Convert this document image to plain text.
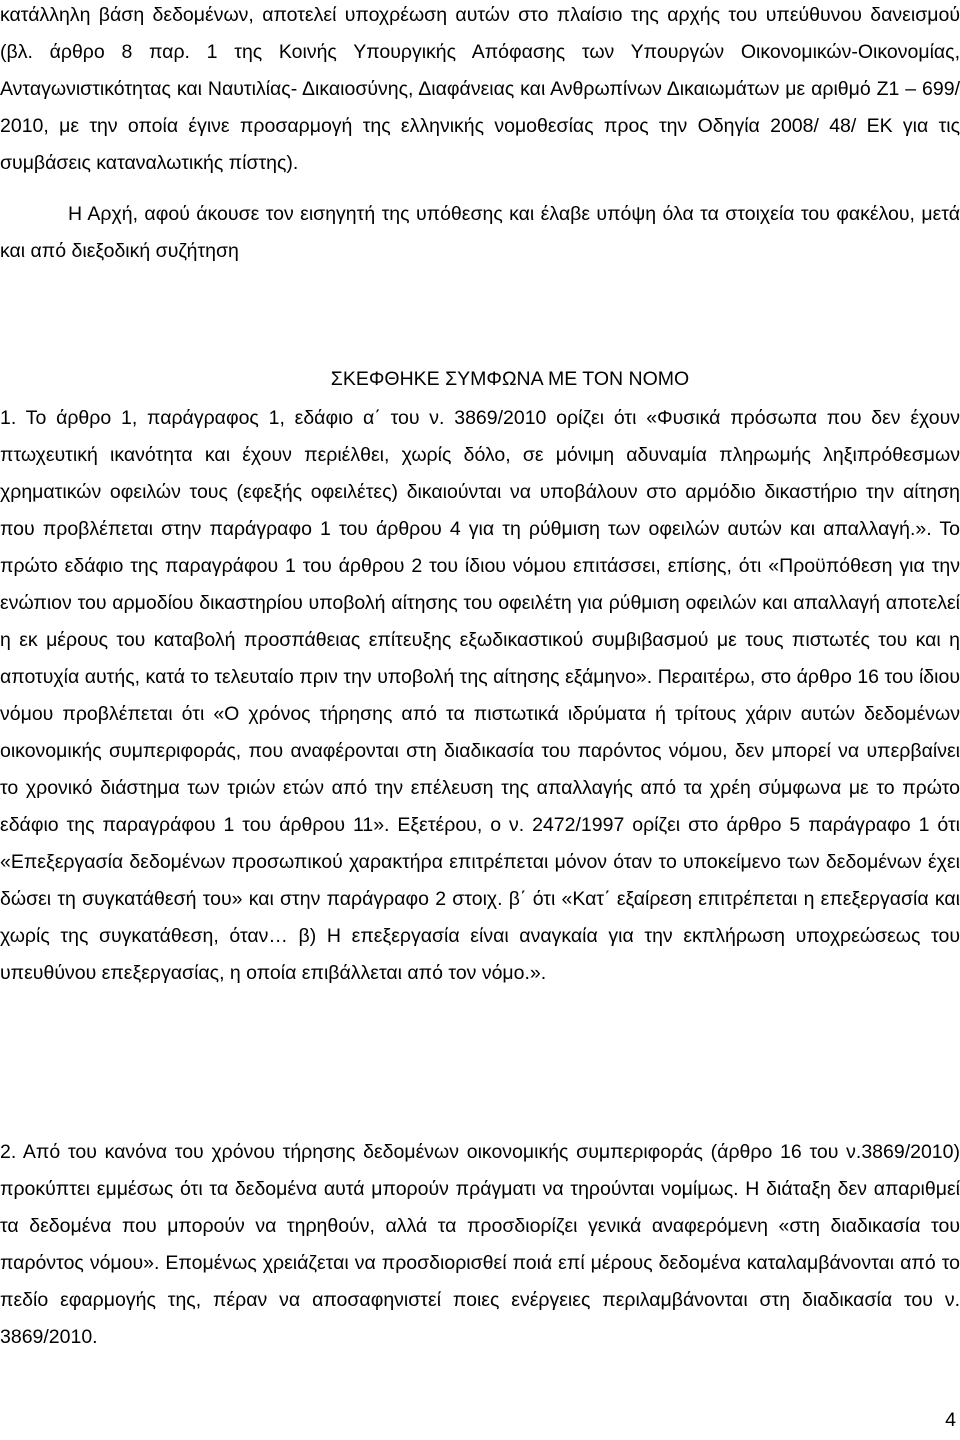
κατάλληλη βάση δεδομένων, αποτελεί υποχρέωση αυτών στο πλαίσιο της αρχής του υπεύθυνου δανεισμού (βλ. άρθρο 8 παρ. 1 της Κοινής Υπουργικής Απόφασης των Υπουργών Οικονομικών-Οικονομίας, Ανταγωνιστικότητας και Ναυτιλίας- Δικαιοσύνης, Διαφάνειας και Ανθρωπίνων Δικαιωμάτων με αριθμό Ζ1 – 699/ 2010, με την οποία έγινε προσαρμογή της ελληνικής νομοθεσίας προς την Οδηγία 2008/ 48/ ΕΚ για τις συμβάσεις καταναλωτικής πίστης).

Η Αρχή, αφού άκουσε τον εισηγητή της υπόθεσης και έλαβε υπόψη όλα τα στοιχεία του φακέλου, μετά και από διεξοδική συζήτηση

ΣΚΕΦΘΗΚΕ ΣΥΜΦΩΝΑ ΜΕ ΤΟΝ ΝΟΜΟ

1. Το άρθρο 1, παράγραφος 1, εδάφιο α΄ του ν. 3869/2010 ορίζει ότι «Φυσικά πρόσωπα που δεν έχουν πτωχευτική ικανότητα και έχουν περιέλθει, χωρίς δόλο, σε μόνιμη αδυναμία πληρωμής ληξιπρόθεσμων χρηματικών οφειλών τους (εφεξής οφειλέτες) δικαιούνται να υποβάλουν στο αρμόδιο δικαστήριο την αίτηση που προβλέπεται στην παράγραφο 1 του άρθρου 4 για τη ρύθμιση των οφειλών αυτών και απαλλαγή.». Το πρώτο εδάφιο της παραγράφου 1 του άρθρου 2 του ίδιου νόμου επιτάσσει, επίσης, ότι «Προϋπόθεση για την ενώπιον του αρμοδίου δικαστηρίου υποβολή αίτησης του οφειλέτη για ρύθμιση οφειλών και απαλλαγή αποτελεί η εκ μέρους του καταβολή προσπάθειας επίτευξης εξωδικαστικού συμβιβασμού με τους πιστωτές του και η αποτυχία αυτής, κατά το τελευταίο πριν την υποβολή της αίτησης εξάμηνο». Περαιτέρω, στο άρθρο 16 του ίδιου νόμου προβλέπεται ότι «Ο χρόνος τήρησης από τα πιστωτικά ιδρύματα ή τρίτους χάριν αυτών δεδομένων οικονομικής συμπεριφοράς, που αναφέρονται στη διαδικασία του παρόντος νόμου, δεν μπορεί να υπερβαίνει το χρονικό διάστημα των τριών ετών από την επέλευση της απαλλαγής από τα χρέη σύμφωνα με το πρώτο εδάφιο της παραγράφου 1 του άρθρου 11». Εξετέρου, ο ν. 2472/1997 ορίζει στο άρθρο 5 παράγραφο 1 ότι «Επεξεργασία δεδομένων προσωπικού χαρακτήρα επιτρέπεται μόνον όταν το υποκείμενο των δεδομένων έχει δώσει τη συγκατάθεσή του» και στην παράγραφο 2 στοιχ. β΄ ότι «Κατ΄ εξαίρεση επιτρέπεται η επεξεργασία και χωρίς της συγκατάθεση, όταν… β) Η επεξεργασία είναι αναγκαία για την εκπλήρωση υποχρεώσεως του υπευθύνου επεξεργασίας, η οποία επιβάλλεται από τον νόμο.».

2. Από του κανόνα του χρόνου τήρησης δεδομένων οικονομικής συμπεριφοράς (άρθρο 16 του ν.3869/2010) προκύπτει εμμέσως ότι τα δεδομένα αυτά μπορούν πράγματι να τηρούνται νομίμως. Η διάταξη δεν απαριθμεί τα δεδομένα που μπορούν να τηρηθούν, αλλά τα προσδιορίζει γενικά αναφερόμενη «στη διαδικασία του παρόντος νόμου». Επομένως χρειάζεται να προσδιορισθεί ποιά επί μέρους δεδομένα καταλαμβάνονται από το πεδίο εφαρμογής της, πέραν να αποσαφηνιστεί ποιες ενέργειες περιλαμβάνονται στη διαδικασία του ν. 3869/2010.

4
